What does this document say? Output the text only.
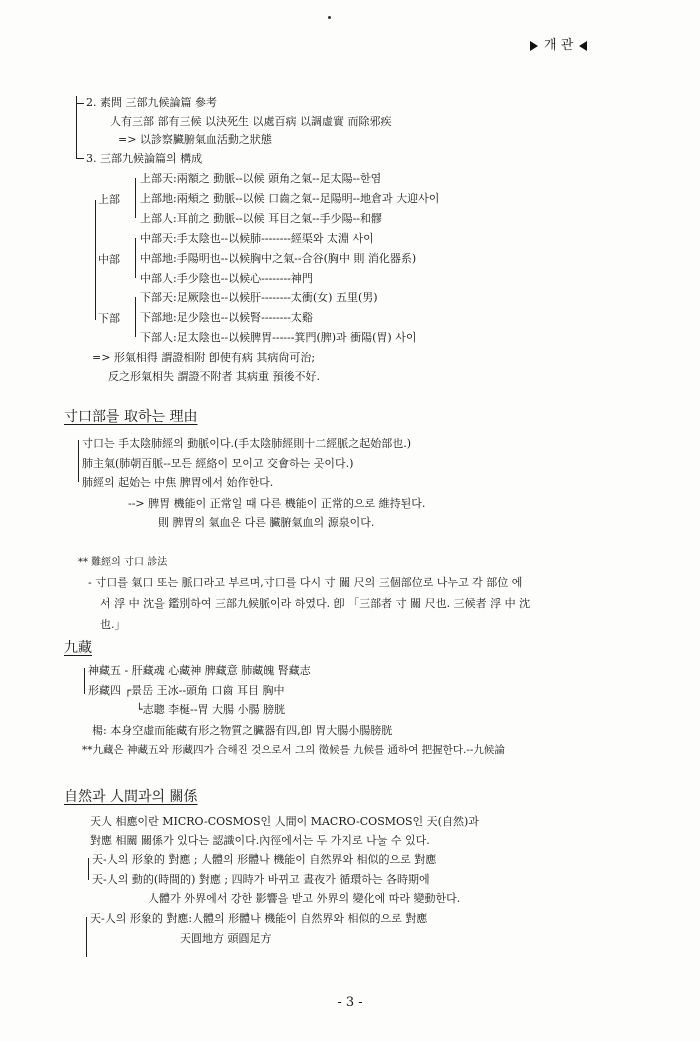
개 관
2. 素問 三部九候論篇 參考
人有三部 部有三候 以決死生 以處百病 以調虛實 而除邪疾
=> 以診察臟腑氣血活動之狀態
3. 三部九候論篇의 構成
上部
中部
下部
上部天:兩額之 動脈--以候 頭角之氣--足太陽--한염
上部地:兩頰之 動脈--以候 口齒之氣--足陽明--地倉과 大迎사이
上部人:耳前之 動脈--以候 耳目之氣--手少陽--和髎
中部天:手太陰也--以候肺--------經渠와 太淵 사이
中部地:手陽明也--以候胸中之氣--合谷(胸中 則 消化器系)
中部人:手少陰也--以候心--------神門
下部天:足厥陰也--以候肝--------太衝(女) 五里(男)
下部地:足少陰也--以候腎--------太谿
下部人:足太陰也--以候脾胃------箕門(脾)과 衝陽(胃) 사이
=> 形氣相得 謂證相附 卽使有病 其病尙可治;
反之形氣相失 謂證不附者 其病重 預後不好.
寸口部를 取하는 理由
寸口는 手太陰肺經의 動脈이다.(手太陰肺經則十二經脈之起始部也.)
肺主氣(肺朝百脈--모든 經絡이 모이고 交會하는 곳이다.)
肺經의 起始는 中焦 脾胃에서 始作한다.
--> 脾胃 機能이 正常일 때 다른 機能이 正常的으로 維持된다.
則 脾胃의 氣血은 다른 臟腑氣血의 源泉이다.
** 難經의 寸口 診法
- 寸口를 氣口 또는 脈口라고 부르며,寸口를 다시 寸 關 尺의 三個部位로 나누고 각 部位 에
서 浮 中 沈을 鑑別하여 三部九候脈이라 하였다. 卽 「三部者 寸 關 尺也. 三候者 浮 中 沈
也.」
九藏
神藏五 - 肝藏魂 心藏神 脾藏意 肺藏魄 腎藏志
形藏四 ┌景岳 王冰--頭角 口齒 耳目 胸中
└志聰 李梴--胃 大腸 小腸 膀胱
楊: 本身空虛而能藏有形之物質之臟器有四,卽 胃大腸小腸膀胱
**九藏은 神藏五와 形藏四가 合해진 것으로서 그의 徵候를 九候를 通하여 把握한다.--九候論
自然과 人間과의 關係
天人 相應이란 MICRO-COSMOS인 人間이 MACRO-COSMOS인 天(自然)과
對應 相關 關係가 있다는 認識이다.內徑에서는 두 가지로 나눌 수 있다.
天-人의 形象的 對應 ; 人體의 形體나 機能이 自然界와 相似的으로 對應
天-人의 動的(時間的) 對應 ; 四時가 바뀌고 晝夜가 循環하는 各時期에
人體가 外界에서 강한 影響을 받고 外界의 變化에 따라 變動한다.
天-人의 形象的 對應:人體의 形體나 機能이 自然界와 相似的으로 對應
天圓地方 頭圓足方
- 3 -
